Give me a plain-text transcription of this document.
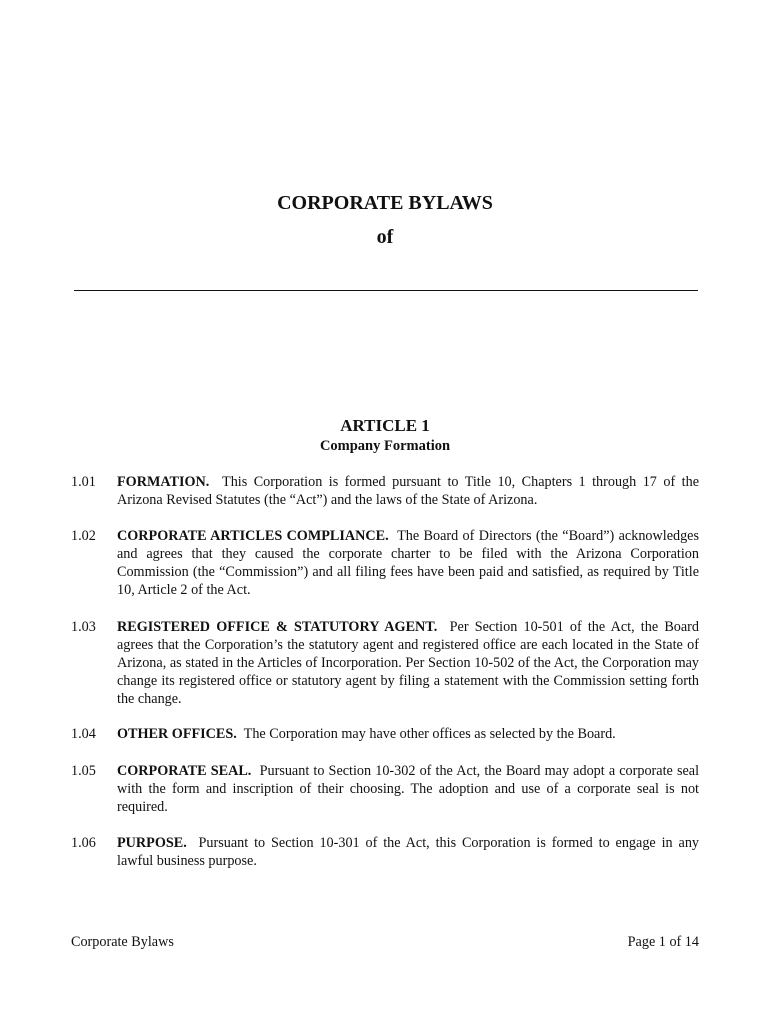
CORPORATE BYLAWS
of
ARTICLE 1
Company Formation
1.01	FORMATION. This Corporation is formed pursuant to Title 10, Chapters 1 through 17 of the Arizona Revised Statutes (the “Act”) and the laws of the State of Arizona.
1.02	CORPORATE ARTICLES COMPLIANCE. The Board of Directors (the “Board”) acknowledges and agrees that they caused the corporate charter to be filed with the Arizona Corporation Commission (the “Commission”) and all filing fees have been paid and satisfied, as required by Title 10, Article 2 of the Act.
1.03	REGISTERED OFFICE & STATUTORY AGENT. Per Section 10-501 of the Act, the Board agrees that the Corporation’s the statutory agent and registered office are each located in the State of Arizona, as stated in the Articles of Incorporation. Per Section 10-502 of the Act, the Corporation may change its registered office or statutory agent by filing a statement with the Commission setting forth the change.
1.04	OTHER OFFICES. The Corporation may have other offices as selected by the Board.
1.05	CORPORATE SEAL. Pursuant to Section 10-302 of the Act, the Board may adopt a corporate seal with the form and inscription of their choosing. The adoption and use of a corporate seal is not required.
1.06	PURPOSE. Pursuant to Section 10-301 of the Act, this Corporation is formed to engage in any lawful business purpose.
Corporate Bylaws	Page 1 of 14
